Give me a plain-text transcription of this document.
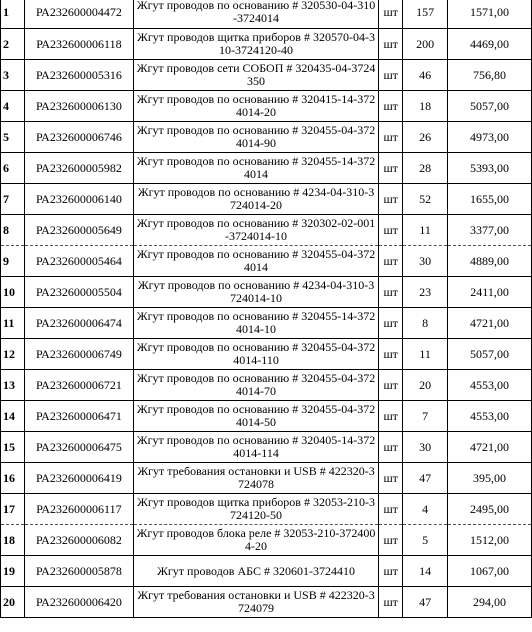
1	РА232600004472	Жгут проводов по основанию # 320530-04-310-3724014	шт	157	1571,00
2	РА232600006118	Жгут проводов щитка приборов # 320570-04-310-3724120-40	шт	200	4469,00
3	РА232600005316	Жгут проводов сети СОБОП # 320435-04-3724350	шт	46	756,80
4	РА232600006130	Жгут проводов по основанию # 320415-14-3724014-20	шт	18	5057,00
5	РА232600006746	Жгут проводов по основанию # 320455-04-3724014-90	шт	26	4973,00
6	РА232600005982	Жгут проводов по основанию # 320455-14-3724014	шт	28	5393,00
7	РА232600006140	Жгут проводов по основанию # 4234-04-310-3724014-20	шт	52	1655,00
8	РА232600005649	Жгут проводов по основанию # 320302-02-001-3724014-10	шт	11	3377,00
9	РА232600005464	Жгут проводов по основанию # 320455-04-3724014	шт	30	4889,00
10	РА232600005504	Жгут проводов по основанию # 4234-04-310-3724014-10	шт	23	2411,00
11	РА232600006474	Жгут проводов по основанию # 320455-14-3724014-10	шт	8	4721,00
12	РА232600006749	Жгут проводов по основанию # 320455-04-3724014-110	шт	11	5057,00
13	РА232600006721	Жгут проводов по основанию # 320455-04-3724014-70	шт	20	4553,00
14	РА232600006471	Жгут проводов по основанию # 320455-04-3724014-50	шт	7	4553,00
15	РА232600006475	Жгут проводов по основанию # 320405-14-3724014-114	шт	30	4721,00
16	РА232600006419	Жгут требования остановки и USB # 422320-3724078	шт	47	395,00
17	РА232600006117	Жгут проводов щитка приборов # 32053-210-3724120-50	шт	4	2495,00
18	РА232600006082	Жгут проводов блока реле # 32053-210-3724004-20	шт	5	1512,00
19	РА232600005878	Жгут проводов АБС # 320601-3724410	шт	14	1067,00
20	РА232600006420	Жгут требования остановки и USB # 422320-3724079	шт	47	294,00
